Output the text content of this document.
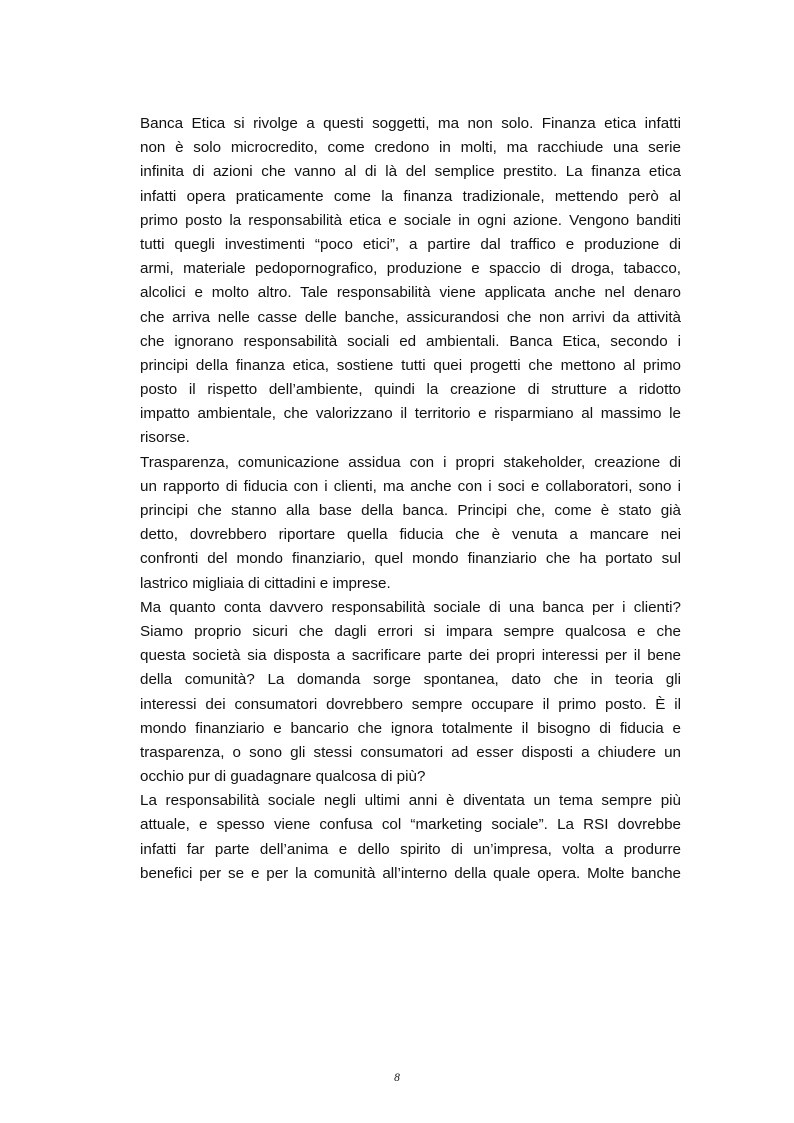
Banca Etica si rivolge a questi soggetti, ma non solo. Finanza etica infatti
non è solo microcredito, come credono in molti, ma racchiude una serie
infinita di azioni che vanno al di là del semplice prestito. La finanza etica
infatti opera praticamente come la finanza tradizionale, mettendo però al
primo posto la responsabilità etica e sociale in ogni azione. Vengono banditi
tutti quegli investimenti “poco etici”, a partire dal traffico e produzione di
armi, materiale pedopornografico, produzione e spaccio di droga, tabacco,
alcolici e molto altro. Tale responsabilità viene applicata anche nel denaro
che arriva nelle casse delle banche, assicurandosi che non arrivi da attività
che ignorano responsabilità sociali ed ambientali. Banca Etica, secondo i
principi della finanza etica, sostiene tutti quei progetti che mettono al primo
posto il rispetto dell’ambiente, quindi la creazione di strutture a ridotto
impatto ambientale, che valorizzano il territorio e risparmiano al massimo le
risorse.
Trasparenza, comunicazione assidua con i propri stakeholder, creazione di
un rapporto di fiducia con i clienti, ma anche con i soci e collaboratori, sono i
principi che stanno alla base della banca. Principi che, come è stato già
detto, dovrebbero riportare quella fiducia che è venuta a mancare nei
confronti del mondo finanziario, quel mondo finanziario che ha portato sul
lastrico migliaia di cittadini e imprese.
Ma quanto conta davvero responsabilità sociale di una banca per i clienti?
Siamo proprio sicuri che dagli errori si impara sempre qualcosa e che
questa società sia disposta a sacrificare parte dei propri interessi per il bene
della comunità? La domanda sorge spontanea, dato che in teoria gli
interessi dei consumatori dovrebbero sempre occupare il primo posto. È il
mondo finanziario e bancario che ignora totalmente il bisogno di fiducia e
trasparenza, o sono gli stessi consumatori ad esser disposti a chiudere un
occhio pur di guadagnare qualcosa di più?
La responsabilità sociale negli ultimi anni è diventata un tema sempre più
attuale, e spesso viene confusa col “marketing sociale”. La RSI dovrebbe
infatti far parte dell’anima e dello spirito di un’impresa, volta a produrre
benefici per se e per la comunità all’interno della quale opera. Molte banche
8
